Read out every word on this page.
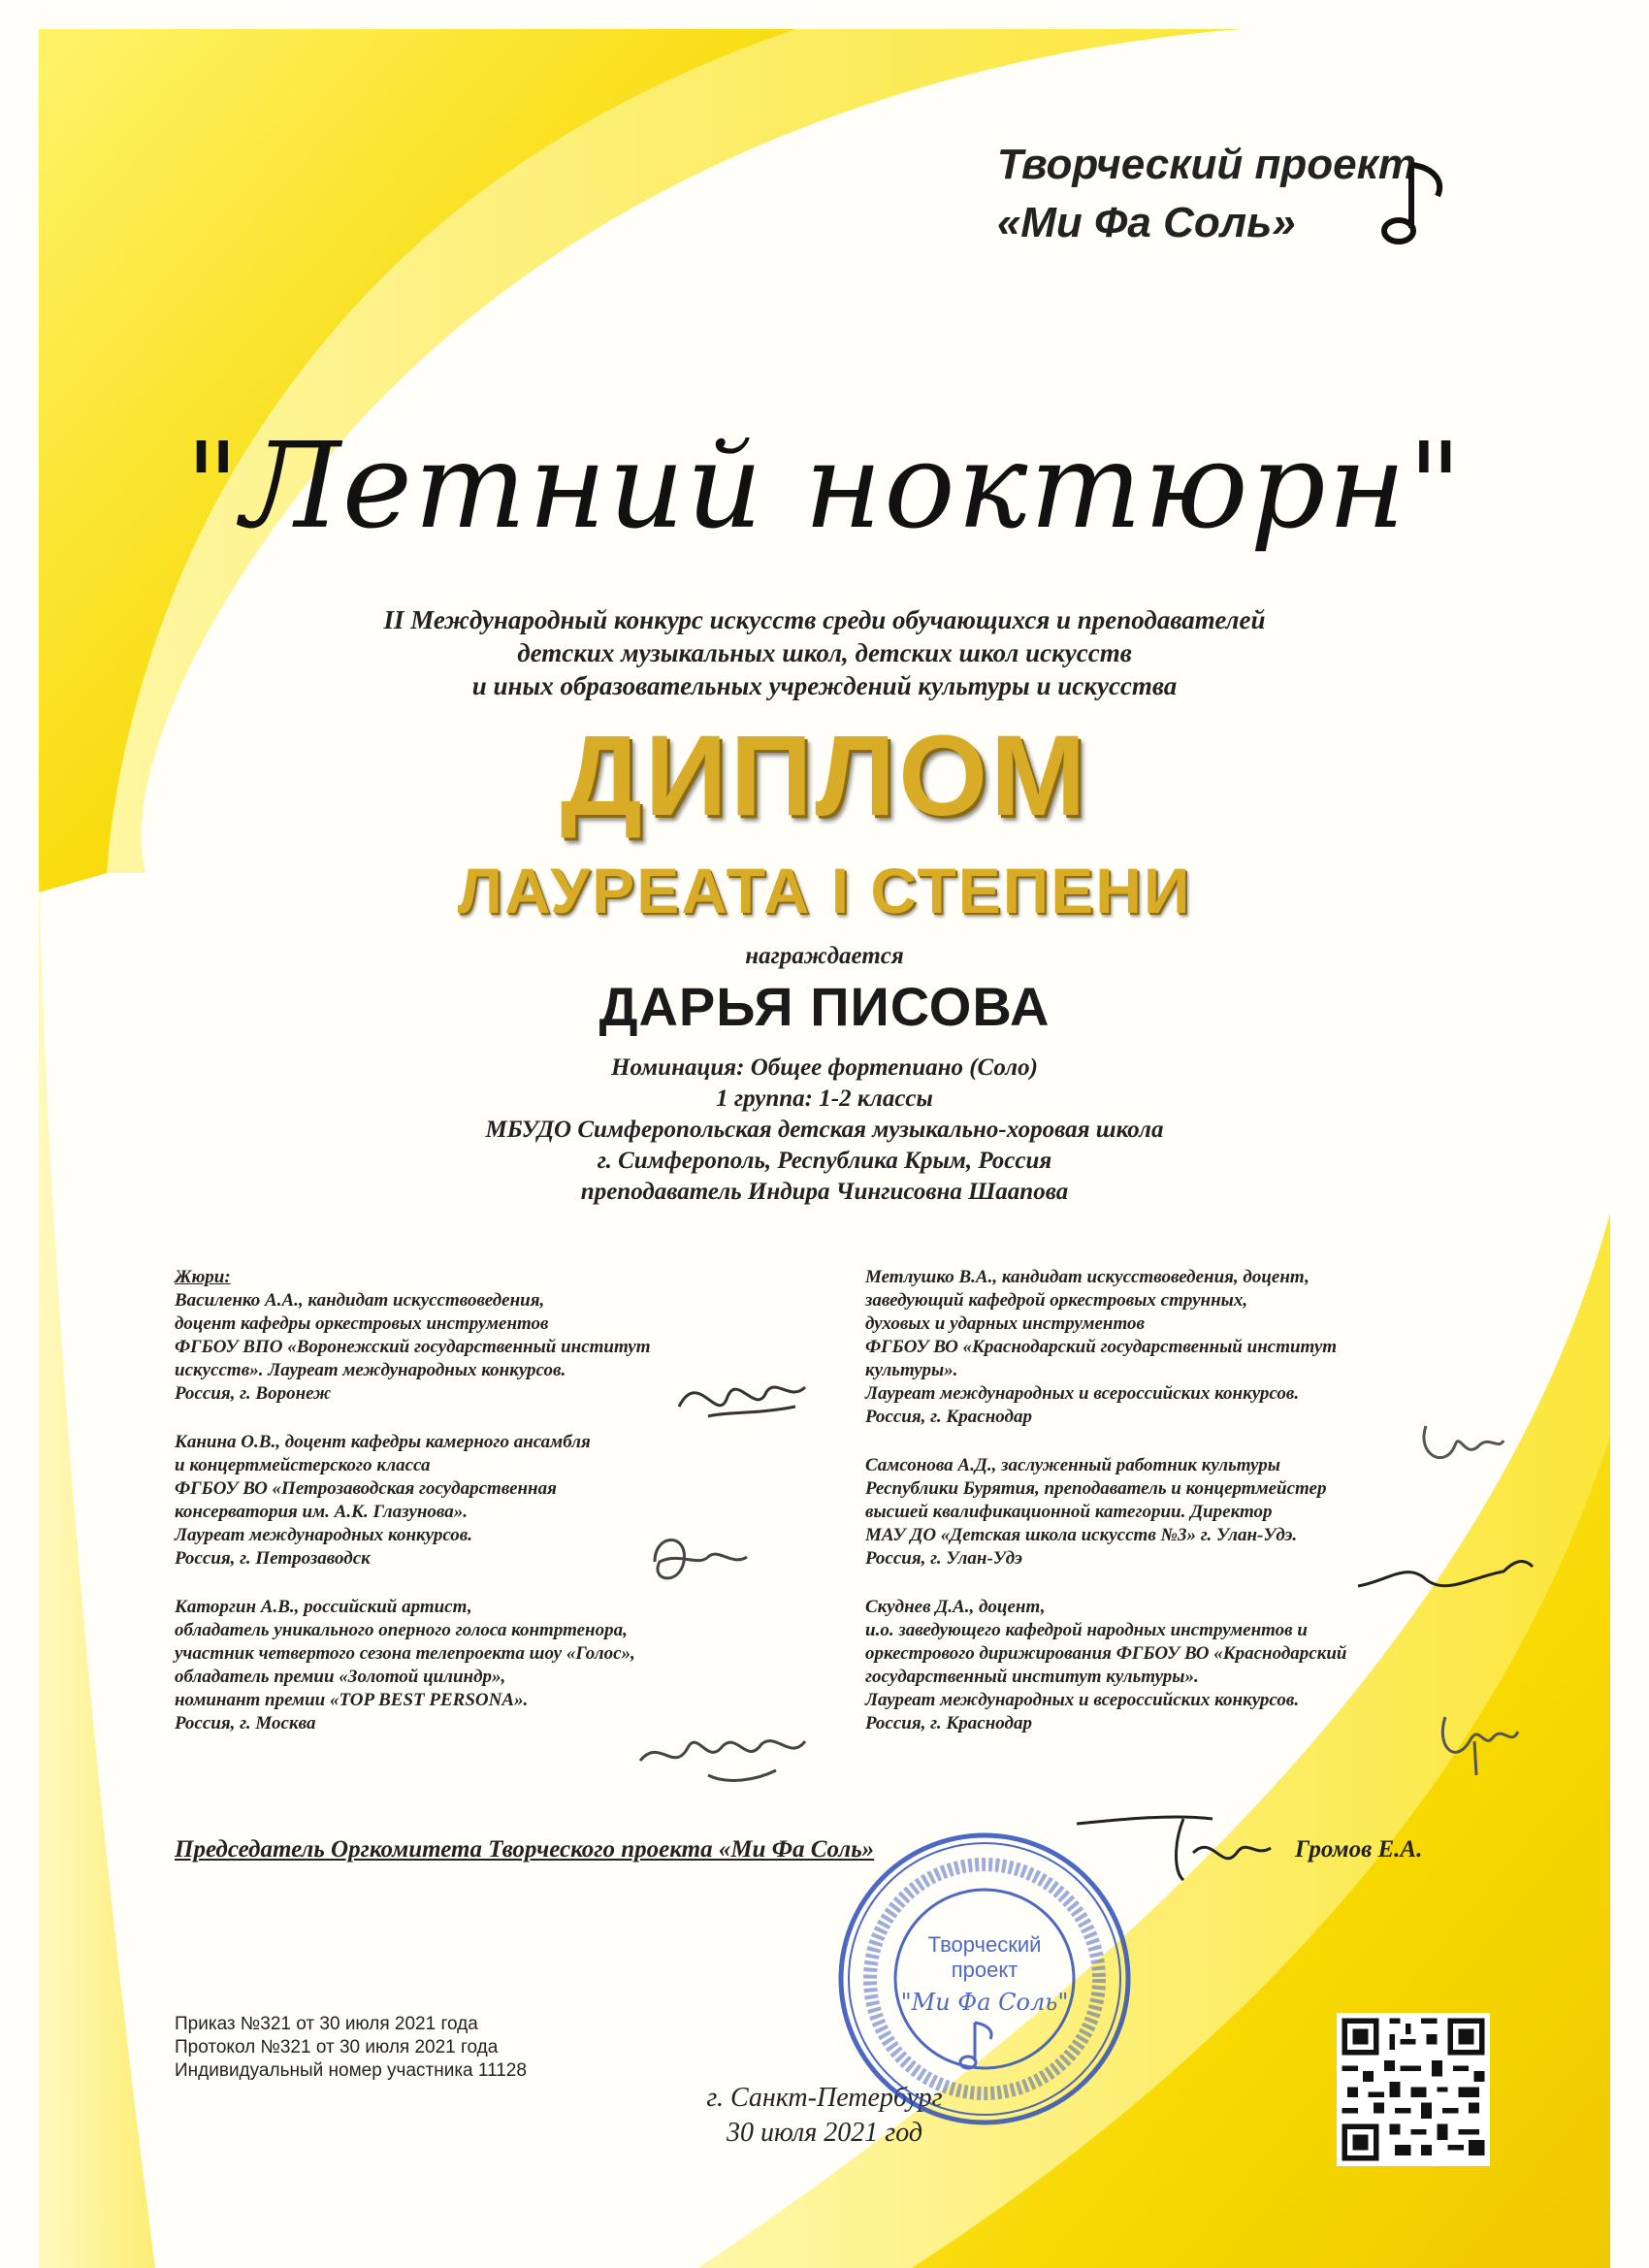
Творческий проект
«Ми Фа Соль»
"Летний ноктюрн"
II Международный конкурс искусств среди обучающихся и преподавателей
детских музыкальных школ, детских школ искусств
и иных образовательных учреждений культуры и искусства
ДИПЛОМ
ЛАУРЕАТА I СТЕПЕНИ
награждается
ДАРЬЯ ПИСОВА
Номинация: Общее фортепиано (Соло)
1 группа: 1-2 классы
МБУДО Симферопольская детская музыкально-хоровая школа
г. Симферополь, Республика Крым, Россия
преподаватель Индира Чингисовна Шаапова

Жюри:

Василенко А.А., кандидат искусствоведения,

доцент кафедры оркестровых инструментов

ФГБОУ ВПО «Воронежский государственный институт

искусств». Лауреат международных конкурсов.

Россия, г. Воронеж

Канина О.В., доцент кафедры камерного ансамбля

и концертмейстерского класса

ФГБОУ ВО «Петрозаводская государственная

консерватория им. А.К. Глазунова».

Лауреат международных конкурсов.

Россия, г. Петрозаводск

Каторгин А.В., российский артист,

обладатель уникального оперного голоса контртенора,

участник четвертого сезона телепроекта шоу «Голос»,

обладатель премии «Золотой цилиндр»,

номинант премии «TOP BEST PERSONA».

Россия, г. Москва

Метлушко В.А., кандидат искусствоведения, доцент,

заведующий кафедрой оркестровых струнных,

духовых и ударных инструментов

ФГБОУ ВО «Краснодарский государственный институт

культуры».

Лауреат международных и всероссийских конкурсов.

Россия, г. Краснодар

Самсонова А.Д., заслуженный работник культуры

Республики Бурятия, преподаватель и концертмейстер

высшей квалификационной категории. Директор

МАУ ДО «Детская школа искусств №3» г. Улан-Удэ.

Россия, г. Улан-Удэ

Скуднев Д.А., доцент,

и.о. заведующего кафедрой народных инструментов и

оркестрового дирижирования ФГБОУ ВО «Краснодарский

государственный институт культуры».

Лауреат международных и всероссийских конкурсов.

Россия, г. Краснодар

Председатель Оргкомитета Творческого проекта «Ми Фа Соль»	Громов Е.А.
Творческий
проект
"Ми Фа Соль"

Приказ №321 от 30 июля 2021 года

Протокол №321 от 30 июля 2021 года

Индивидуальный номер участника 11128

г. Санкт-Петербург
30 июля 2021 год
